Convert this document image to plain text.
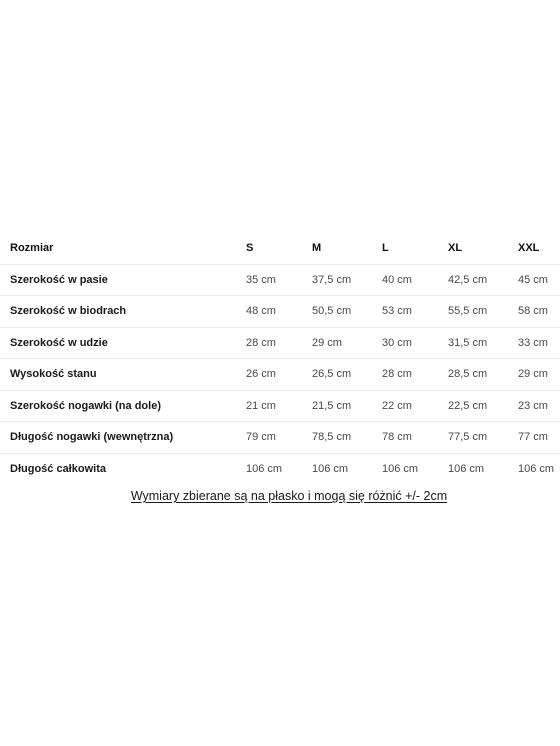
Rozmiar	S	M	L	XL	XXL
Szerokość w pasie	35 cm	37,5 cm	40 cm	42,5 cm	45 cm
Szerokość w biodrach	48 cm	50,5 cm	53 cm	55,5 cm	58 cm
Szerokość w udzie	28 cm	29 cm	30 cm	31,5 cm	33 cm
Wysokość stanu	26 cm	26,5 cm	28 cm	28,5 cm	29 cm
Szerokość nogawki (na dole)	21 cm	21,5 cm	22 cm	22,5 cm	23 cm
Długość nogawki (wewnętrzna)	79 cm	78,5 cm	78 cm	77,5 cm	77 cm
Długość całkowita	106 cm	106 cm	106 cm	106 cm	106 cm
Wymiary zbierane są na płasko i mogą się różnić +/- 2cm
